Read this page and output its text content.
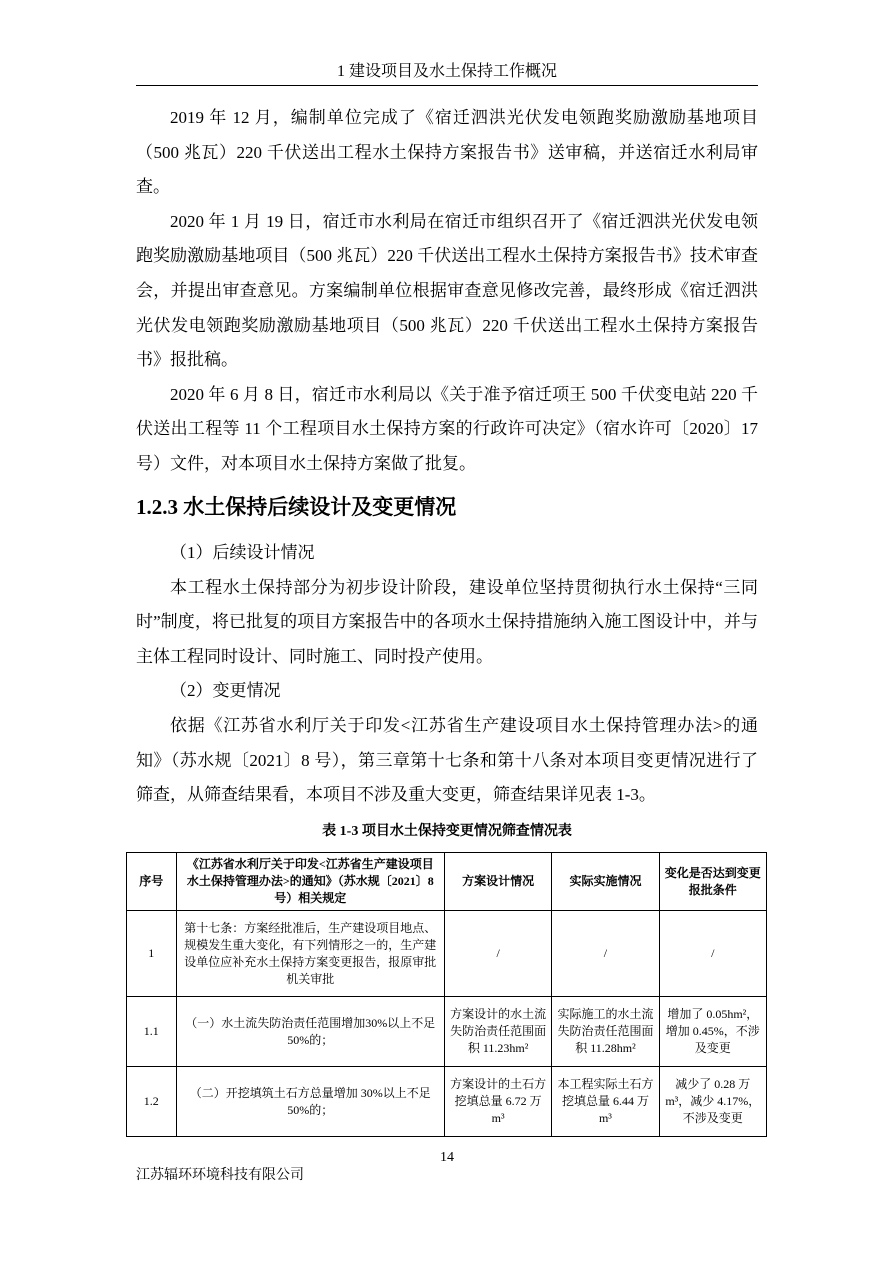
1 建设项目及水土保持工作概况

2019 年 12 月，编制单位完成了《宿迁泗洪光伏发电领跑奖励激励基地项目（500 兆瓦）220 千伏送出工程水土保持方案报告书》送审稿，并送宿迁水利局审查。

2020 年 1 月 19 日，宿迁市水利局在宿迁市组织召开了《宿迁泗洪光伏发电领跑奖励激励基地项目（500 兆瓦）220 千伏送出工程水土保持方案报告书》技术审查会，并提出审查意见。方案编制单位根据审查意见修改完善，最终形成《宿迁泗洪光伏发电领跑奖励激励基地项目（500 兆瓦）220 千伏送出工程水土保持方案报告书》报批稿。

2020 年 6 月 8 日，宿迁市水利局以《关于准予宿迁项王 500 千伏变电站 220 千伏送出工程等 11 个工程项目水土保持方案的行政许可决定》（宿水许可〔2020〕17 号）文件，对本项目水土保持方案做了批复。

1.2.3 水土保持后续设计及变更情况

（1）后续设计情况

本工程水土保持部分为初步设计阶段，建设单位坚持贯彻执行水土保持“三同时”制度，将已批复的项目方案报告中的各项水土保持措施纳入施工图设计中，并与主体工程同时设计、同时施工、同时投产使用。

（2）变更情况

依据《江苏省水利厅关于印发<江苏省生产建设项目水土保持管理办法>的通知》（苏水规〔2021〕8 号），第三章第十七条和第十八条对本项目变更情况进行了筛查，从筛查结果看，本项目不涉及重大变更，筛查结果详见表 1-3。

表 1-3 项目水土保持变更情况筛查情况表
序号	《江苏省水利厅关于印发<江苏省生产建设项目水土保持管理办法>的通知》（苏水规〔2021〕8 号）相关规定	方案设计情况	实际实施情况	变化是否达到变更报批条件
1	第十七条：方案经批准后，生产建设项目地点、规模发生重大变化，有下列情形之一的，生产建设单位应补充水土保持方案变更报告，报原审批机关审批	/	/	/
1.1	（一）水土流失防治责任范围增加30%以上不足 50%的；	方案设计的水土流失防治责任范围面积 11.23hm²	实际施工的水土流失防治责任范围面积 11.28hm²	增加了 0.05hm²，增加 0.45%，不涉及变更
1.2	（二）开挖填筑土石方总量增加 30%以上不足 50%的；	方案设计的土石方挖填总量 6.72 万 m³	本工程实际土石方挖填总量 6.44 万 m³	减少了 0.28 万 m³，减少 4.17%，不涉及变更
14
江苏辐环环境科技有限公司
